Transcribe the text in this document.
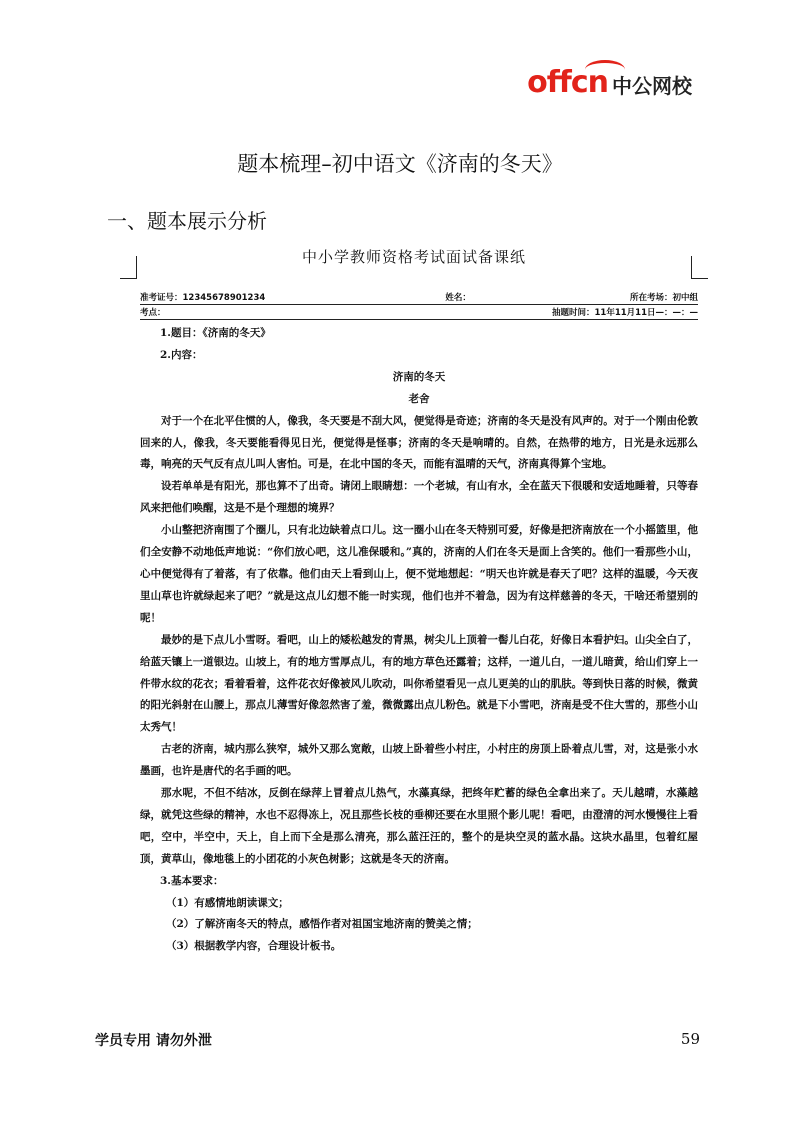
offcn 中公网校
题本梳理–初中语文《济南的冬天》
一、题本展示分析
中小学教师资格考试面试备课纸
准考证号：12345678901234	姓名：	所在考场：初中组
考点：	抽题时间：11年11月11日—：—：—

1.题目：《济南的冬天》

2.内容：

济南的冬天

老舍

对于一个在北平住惯的人，像我，冬天要是不刮大风，便觉得是奇迹；济南的冬天是没有风声的。对于一个刚由伦敦回来的人，像我，冬天要能看得见日光，便觉得是怪事；济南的冬天是响晴的。自然，在热带的地方，日光是永远那么毒，响亮的天气反有点儿叫人害怕。可是，在北中国的冬天，而能有温晴的天气，济南真得算个宝地。

设若单单是有阳光，那也算不了出奇。请闭上眼睛想：一个老城，有山有水，全在蓝天下很暖和安适地睡着，只等春风来把他们唤醒，这是不是个理想的境界？

小山整把济南围了个圈儿，只有北边缺着点口儿。这一圈小山在冬天特别可爱，好像是把济南放在一个小摇篮里，他们全安静不动地低声地说：“你们放心吧，这儿准保暖和。”真的，济南的人们在冬天是面上含笑的。他们一看那些小山，心中便觉得有了着落，有了依靠。他们由天上看到山上，便不觉地想起：“明天也许就是春天了吧？这样的温暖，今天夜里山草也许就绿起来了吧？”就是这点儿幻想不能一时实现，他们也并不着急，因为有这样慈善的冬天，干啥还希望别的呢！

最妙的是下点儿小雪呀。看吧，山上的矮松越发的青黑，树尖儿上顶着一髻儿白花，好像日本看护妇。山尖全白了，给蓝天镶上一道银边。山坡上，有的地方雪厚点儿，有的地方草色还露着；这样，一道儿白，一道儿暗黄，给山们穿上一件带水纹的花衣；看着看着，这件花衣好像被风儿吹动，叫你希望看见一点儿更美的山的肌肤。等到快日落的时候，微黄的阳光斜射在山腰上，那点儿薄雪好像忽然害了羞，微微露出点儿粉色。就是下小雪吧，济南是受不住大雪的，那些小山太秀气！

古老的济南，城内那么狭窄，城外又那么宽敞，山坡上卧着些小村庄，小村庄的房顶上卧着点儿雪，对，这是张小水墨画，也许是唐代的名手画的吧。

那水呢，不但不结冰，反倒在绿萍上冒着点儿热气，水藻真绿，把终年贮蓄的绿色全拿出来了。天儿越晴，水藻越绿，就凭这些绿的精神，水也不忍得冻上，况且那些长枝的垂柳还要在水里照个影儿呢！看吧，由澄清的河水慢慢往上看吧，空中，半空中，天上，自上而下全是那么清亮，那么蓝汪汪的，整个的是块空灵的蓝水晶。这块水晶里，包着红屋顶，黄草山，像地毯上的小团花的小灰色树影；这就是冬天的济南。

3.基本要求：

（1）有感情地朗读课文；

（2）了解济南冬天的特点，感悟作者对祖国宝地济南的赞美之情；

（3）根据教学内容，合理设计板书。

学员专用 请勿外泄	59
